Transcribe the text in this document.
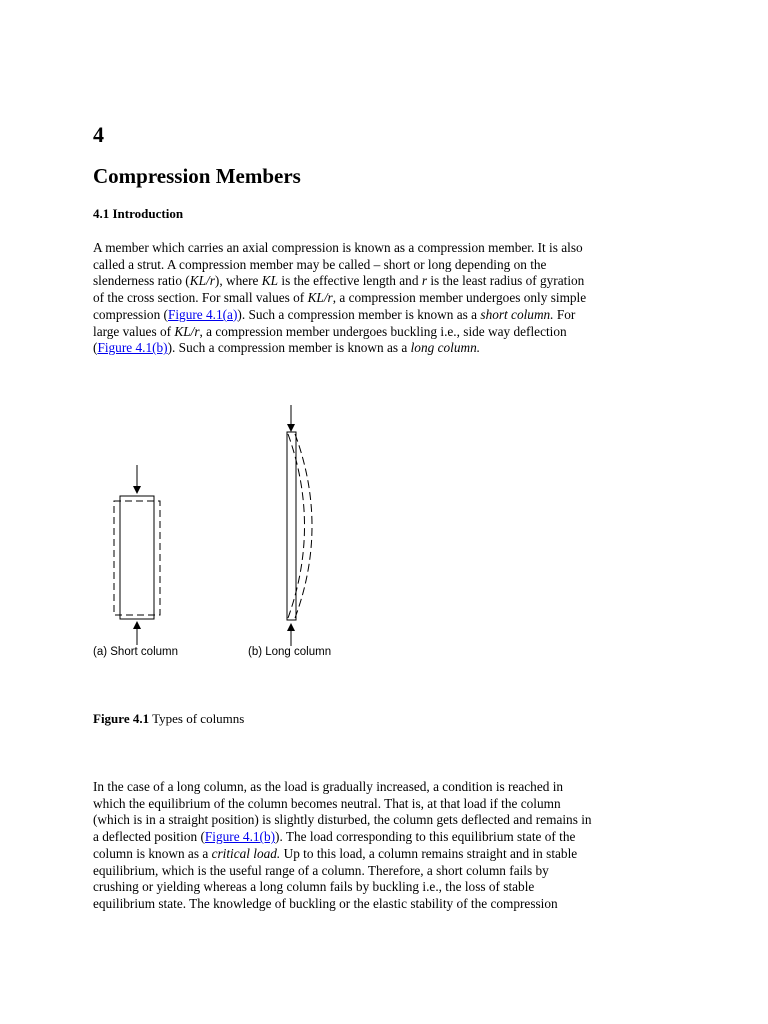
4
Compression Members
4.1 Introduction

A member which carries an axial compression is known as a compression member. It is also
called a strut. A compression member may be called – short or long depending on the
slenderness ratio (KL/r), where KL is the effective length and r is the least radius of gyration
of the cross section. For small values of KL/r, a compression member undergoes only simple
compression (Figure 4.1(a)). Such a compression member is known as a short column. For
large values of KL/r, a compression member undergoes buckling i.e., side way deflection
(Figure 4.1(b)). Such a compression member is known as a long column.

(a) Short column	(b) Long column

Figure 4.1 Types of columns

In the case of a long column, as the load is gradually increased, a condition is reached in
which the equilibrium of the column becomes neutral. That is, at that load if the column
(which is in a straight position) is slightly disturbed, the column gets deflected and remains in
a deflected position (Figure 4.1(b)). The load corresponding to this equilibrium state of the
column is known as a critical load. Up to this load, a column remains straight and in stable
equilibrium, which is the useful range of a column. Therefore, a short column fails by
crushing or yielding whereas a long column fails by buckling i.e., the loss of stable
equilibrium state. The knowledge of buckling or the elastic stability of the compression
